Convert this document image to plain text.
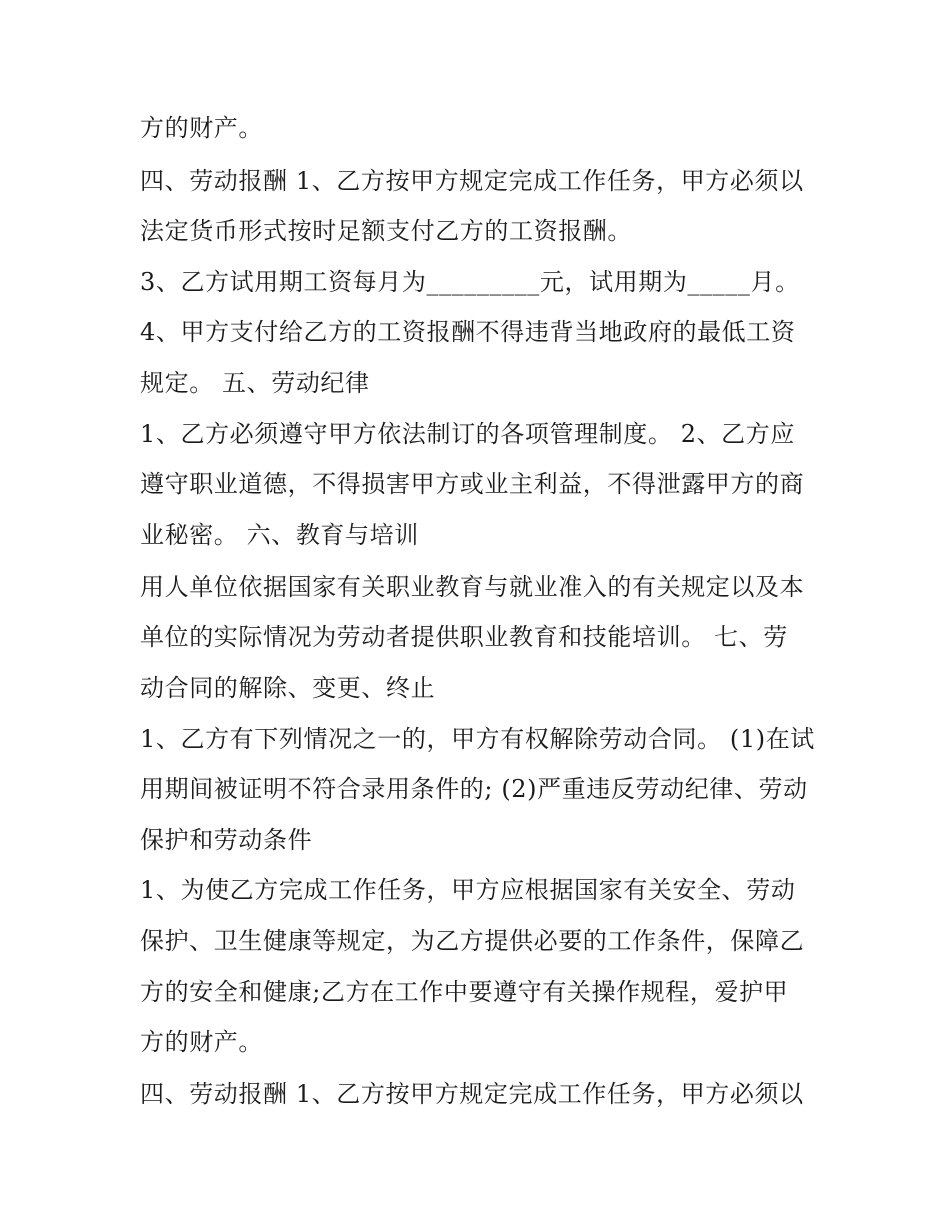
方的财产。
四、劳动报酬 1、乙方按甲方规定完成工作任务，甲方必须以
法定货币形式按时足额支付乙方的工资报酬。
3、乙方试用期工资每月为_________元，试用期为_____月。
4、甲方支付给乙方的工资报酬不得违背当地政府的最低工资
规定。 五、劳动纪律
1、乙方必须遵守甲方依法制订的各项管理制度。 2、乙方应
遵守职业道德，不得损害甲方或业主利益，不得泄露甲方的商
业秘密。 六、教育与培训
用人单位依据国家有关职业教育与就业准入的有关规定以及本
单位的实际情况为劳动者提供职业教育和技能培训。 七、劳
动合同的解除、变更、终止
1、乙方有下列情况之一的，甲方有权解除劳动合同。 (1)在试
用期间被证明不符合录用条件的; (2)严重违反劳动纪律、劳动
保护和劳动条件
1、为使乙方完成工作任务，甲方应根据国家有关安全、劳动
保护、卫生健康等规定，为乙方提供必要的工作条件，保障乙
方的安全和健康;乙方在工作中要遵守有关操作规程，爱护甲
方的财产。
四、劳动报酬 1、乙方按甲方规定完成工作任务，甲方必须以
